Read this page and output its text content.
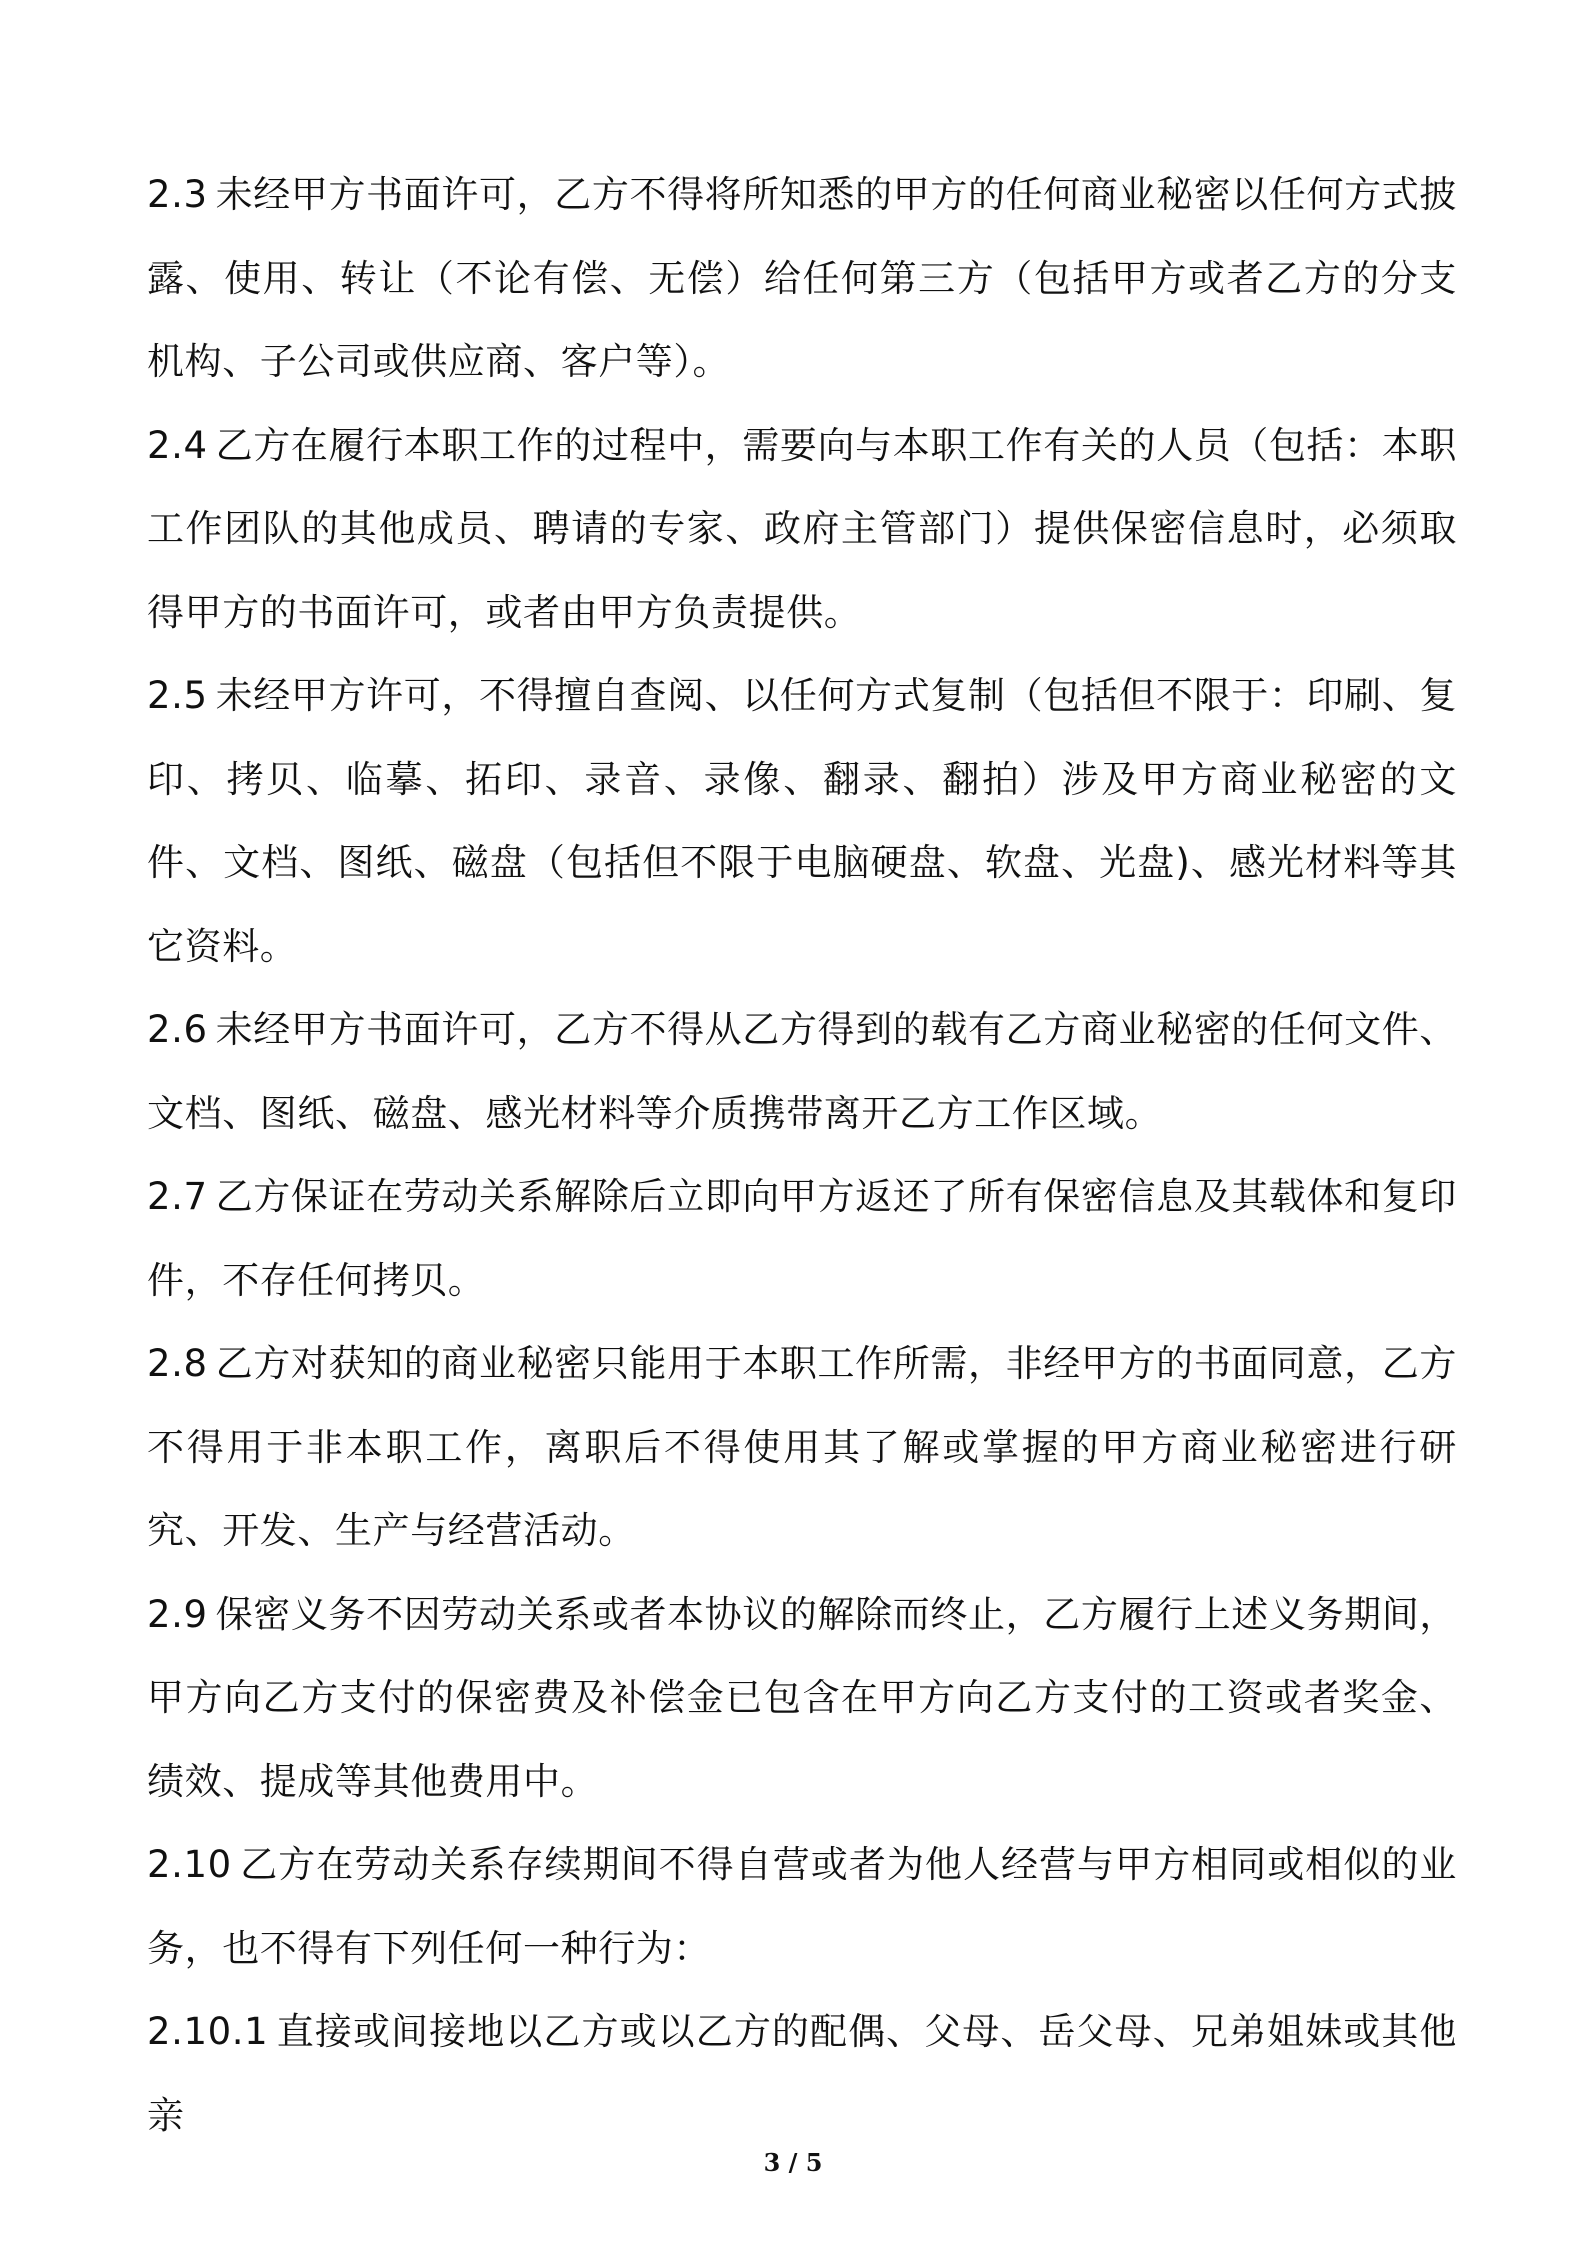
2.3 未经甲方书面许可，乙方不得将所知悉的甲方的任何商业秘密以任何方式披露、使用、转让（不论有偿、无偿）给任何第三方（包括甲方或者乙方的分支机构、子公司或供应商、客户等）。

2.4 乙方在履行本职工作的过程中，需要向与本职工作有关的人员（包括：本职工作团队的其他成员、聘请的专家、政府主管部门）提供保密信息时，必须取得甲方的书面许可，或者由甲方负责提供。

2.5 未经甲方许可，不得擅自查阅、以任何方式复制（包括但不限于：印刷、复印、拷贝、临摹、拓印、录音、录像、翻录、翻拍）涉及甲方商业秘密的文件、文档、图纸、磁盘（包括但不限于电脑硬盘、软盘、光盘)、感光材料等其它资料。

2.6 未经甲方书面许可，乙方不得从乙方得到的载有乙方商业秘密的任何文件、文档、图纸、磁盘、感光材料等介质携带离开乙方工作区域。

2.7 乙方保证在劳动关系解除后立即向甲方返还了所有保密信息及其载体和复印件，不存任何拷贝。

2.8 乙方对获知的商业秘密只能用于本职工作所需，非经甲方的书面同意，乙方不得用于非本职工作，离职后不得使用其了解或掌握的甲方商业秘密进行研究、开发、生产与经营活动。

2.9 保密义务不因劳动关系或者本协议的解除而终止，乙方履行上述义务期间，甲方向乙方支付的保密费及补偿金已包含在甲方向乙方支付的工资或者奖金、绩效、提成等其他费用中。

2.10 乙方在劳动关系存续期间不得自营或者为他人经营与甲方相同或相似的业务，也不得有下列任何一种行为：

2.10.1 直接或间接地以乙方或以乙方的配偶、父母、岳父母、兄弟姐妹或其他亲

3 / 5
